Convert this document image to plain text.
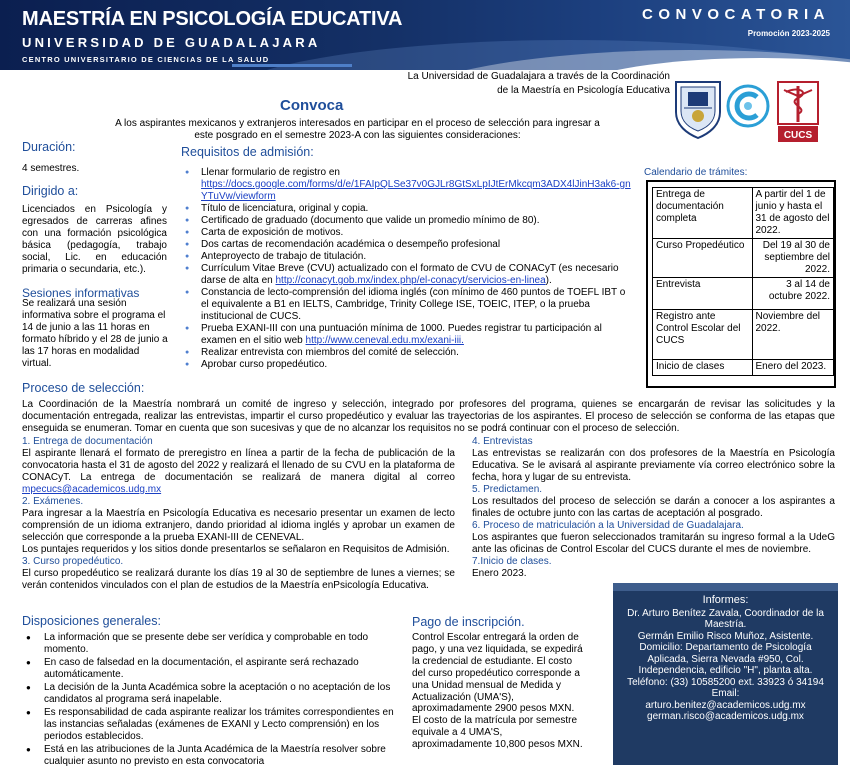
MAESTRÍA EN PSICOLOGÍA EDUCATIVA
UNIVERSIDAD DE GUADALAJARA
CENTRO UNIVERSITARIO DE CIENCIAS DE LA SALUD
CONVOCATORIA
Promoción 2023-2025
La Universidad de Guadalajara a través de la Coordinación
de la Maestría en Psicología Educativa
Convoca
A los aspirantes mexicanos y extranjeros interesados en participar en el proceso de selección para ingresar a este posgrado en el semestre 2023-A con las siguientes consideraciones:	CUCS
Duración:
4 semestres.
Dirigido a:
Licenciados en Psicología y egresados de carreras afines con una formación psicológica básica (pedagogía, trabajo social, Lic. en educación primaria o secundaria, etc.).
Sesiones informativas
Se realizará una sesión informativa sobre el programa el 14 de junio a las 11 horas en formato híbrido y el 28 de junio a las 17 horas en modalidad virtual.
Requisitos de admisión:
● Llenar formulario de registro en
https://docs.google.com/forms/d/e/1FAIpQLSe37v0GJLr8GtSxLpIJtErMkcqm3ADX4lJinH3ak6-gnYTuVw/viewform
● Título de licenciatura, original y copia.
● Certificado de graduado (documento que valide un promedio mínimo de 80).
● Carta de exposición de motivos.
● Dos cartas de recomendación académica o desempeño profesional
● Anteproyecto de trabajo de titulación.
● Currículum Vitae Breve (CVU) actualizado con el formato de CVU de CONACyT (es necesario darse de alta en http://conacyt.gob.mx/index.php/el-conacyt/servicios-en-linea).
● Constancia de lecto-comprensión del idioma inglés (con mínimo de 460 puntos de TOEFL IBT o el equivalente a B1 en IELTS, Cambridge, Trinity College ISE, TOEIC, ITEP, o la prueba institucional de CUCS.
● Prueba EXANI-III con una puntuación mínima de 1000. Puedes registrar tu participación al examen en el sitio web http://www.ceneval.edu.mx/exani-iii.
● Realizar entrevista con miembros del comité de selección.
● Aprobar curso propedéutico.
Calendario de trámites:
Entrega de documentación completa	A partir del 1 de junio y hasta el 31 de agosto del 2022.
Curso Propedéutico	Del 19 al 30 de septiembre del 2022.
Entrevista	3 al 14 de octubre 2022.
Registro ante Control Escolar del CUCS	Noviembre del 2022.
Inicio de clases	Enero del 2023.
Proceso de selección:
La Coordinación de la Maestría nombrará un comité de ingreso y selección, integrado por profesores del programa, quienes se encargarán de revisar las solicitudes y la documentación entregada, realizar las entrevistas, impartir el curso propedéutico y evaluar las trayectorias de los aspirantes. El proceso de selección se conforma de las etapas que enseguida se enumeran. Tomar en cuenta que son sucesivas y que de no alcanzar los requisitos no se podrá continuar con el proceso de selección.
1. Entrega de documentación
El aspirante llenará el formato de preregistro en línea a partir de la fecha de publicación de la convocatoria hasta el 31 de agosto del 2022 y realizará el llenado de su CVU en la plataforma de CONACyT. La entrega de documentación se realizará de manera digital al correo mpecucs@academicos.udg.mx
2. Exámenes.
Para ingresar a la Maestría en Psicología Educativa es necesario presentar un examen de lecto comprensión de un idioma extranjero, dando prioridad al idioma inglés y aprobar un examen de selección que corresponde a la prueba EXANI-III de CENEVAL.
Los puntajes requeridos y los sitios donde presentarlos se señalaron en Requisitos de Admisión.
3. Curso propedéutico.
El curso propedéutico se realizará durante los días 19 al 30 de septiembre de lunes a viernes; se verán contenidos vinculados con el plan de estudios de la Maestría enPsicología Educativa.
4. Entrevistas
Las entrevistas se realizarán con dos profesores de la Maestría en Psicología Educativa. Se le avisará al aspirante previamente vía correo electrónico sobre la fecha, hora y lugar de su entrevista.
5. Predictamen.
Los resultados del proceso de selección se darán a conocer a los aspirantes a finales de octubre junto con las cartas de aceptación al posgrado.
6. Proceso de matriculación a la Universidad de Guadalajara.
Los aspirantes que fueron seleccionados tramitarán su ingreso formal a la UdeG ante las oficinas de Control Escolar del CUCS durante el mes de noviembre.
7.Inicio de clases.
Enero 2023.
Disposiciones generales:
● La información que se presente debe ser verídica y comprobable en todo momento.
● En caso de falsedad en la documentación, el aspirante será rechazado automáticamente.
● La decisión de la Junta Académica sobre la aceptación o no aceptación de los candidatos al programa será inapelable.
● Es responsabilidad de cada aspirante realizar los trámites correspondientes en las instancias señaladas (exámenes de EXANI y Lecto comprensión) en los periodos establecidos.
● Está en las atribuciones de la Junta Académica de la Maestría resolver sobre cualquier asunto no previsto en esta convocatoria
Pago de inscripción.
Control Escolar entregará la orden de pago, y una vez liquidada, se expedirá la credencial de estudiante. El costo del curso propedéutico corresponde a una Unidad mensual de Medida y Actualización (UMA'S), aproximadamente 2900 pesos MXN. El costo de la matrícula por semestre equivale a 4 UMA'S, aproximadamente 10,800 pesos MXN.
Informes:
Dr. Arturo Benítez Zavala, Coordinador de la Maestría.
Germán Emilio Risco Muñoz, Asistente.
Domicilio: Departamento de Psicología Aplicada, Sierra Nevada #950, Col. Independencia, edificio "H", planta alta.
Teléfono: (33) 10585200 ext. 33923 ó 34194
Email:
arturo.benitez@academicos.udg.mx
german.risco@academicos.udg.mx
